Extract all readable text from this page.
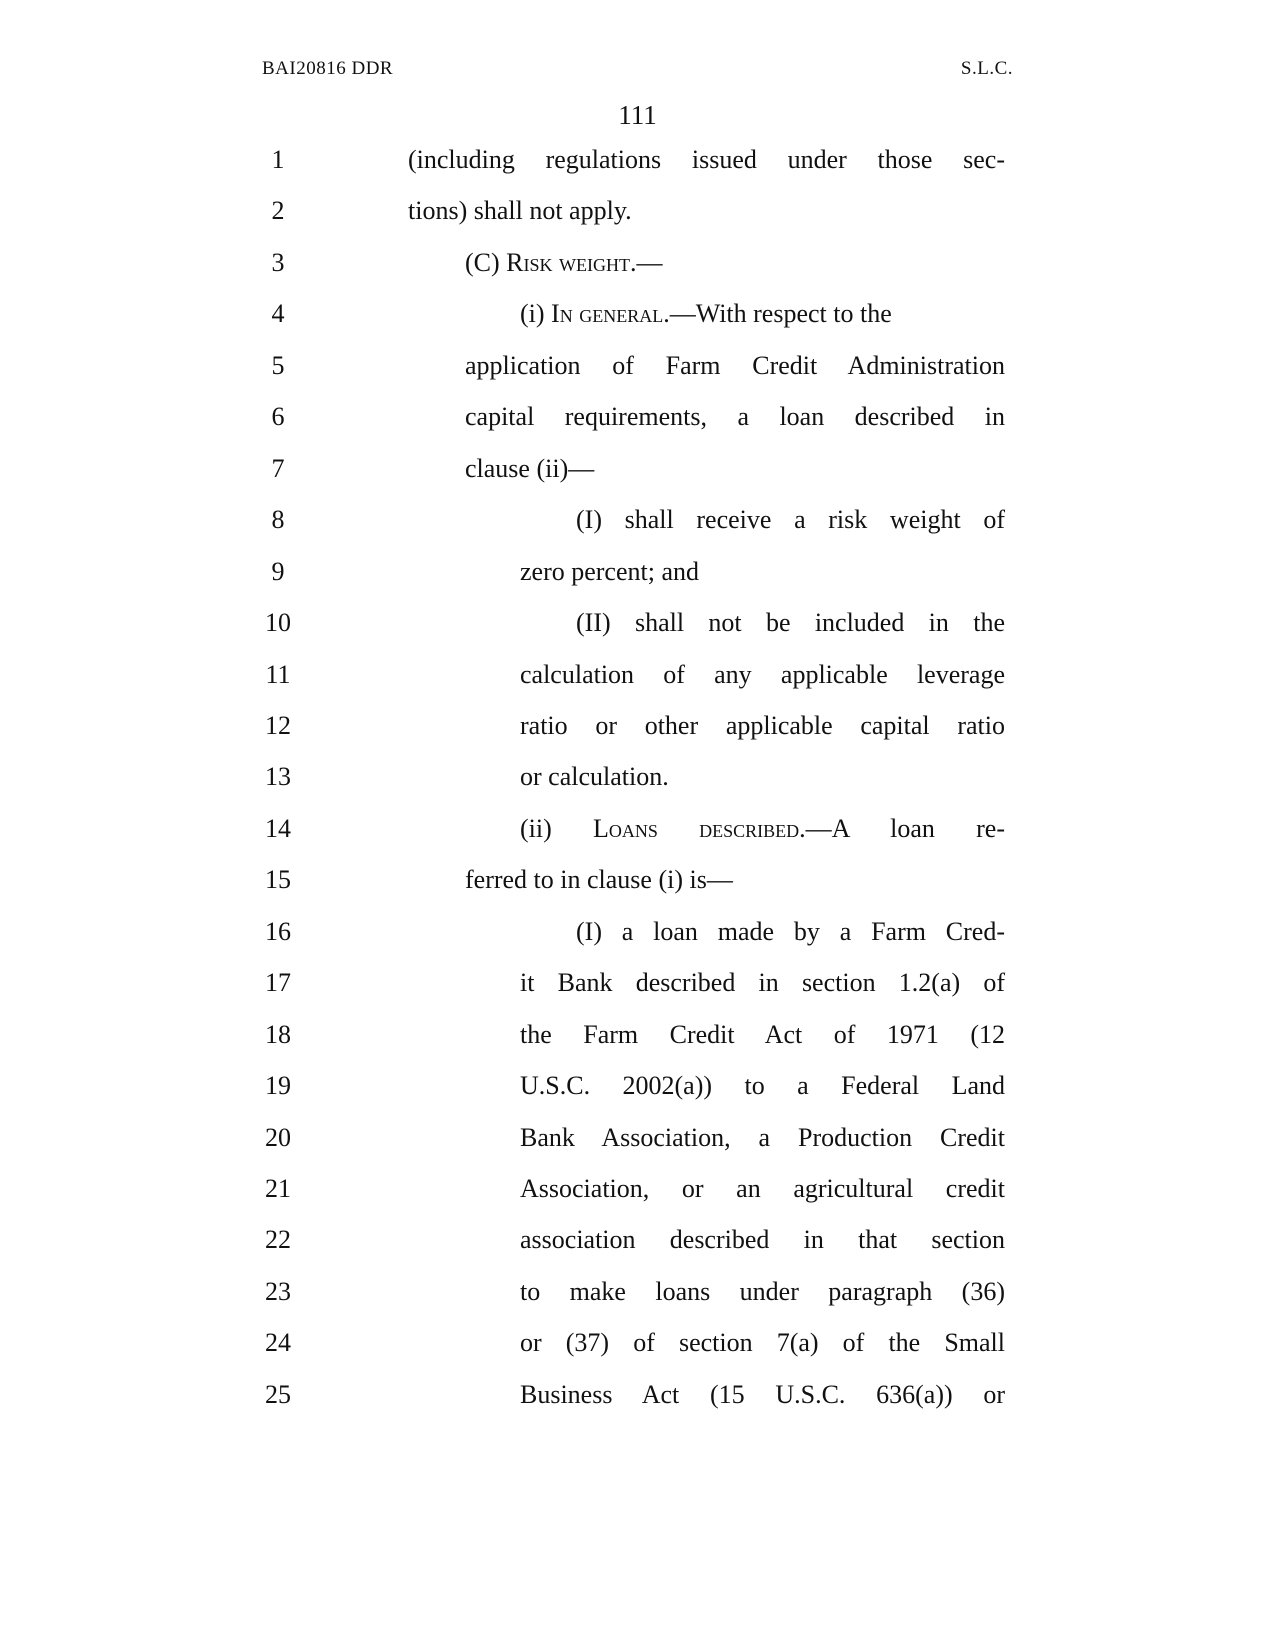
BAI20816 DDR	S.L.C.
111
1	(including regulations issued under those sec-
2	tions) shall not apply.
3	(C) Risk weight.—
4	(i) In general.—With respect to the
5	application of Farm Credit Administration
6	capital requirements, a loan described in
7	clause (ii)—
8	(I) shall receive a risk weight of
9	zero percent; and
10	(II) shall not be included in the
11	calculation of any applicable leverage
12	ratio or other applicable capital ratio
13	or calculation.
14	(ii) Loans described.—A loan re-
15	ferred to in clause (i) is—
16	(I) a loan made by a Farm Cred-
17	it Bank described in section 1.2(a) of
18	the Farm Credit Act of 1971 (12
19	U.S.C. 2002(a)) to a Federal Land
20	Bank Association, a Production Credit
21	Association, or an agricultural credit
22	association described in that section
23	to make loans under paragraph (36)
24	or (37) of section 7(a) of the Small
25	Business Act (15 U.S.C. 636(a)) or
